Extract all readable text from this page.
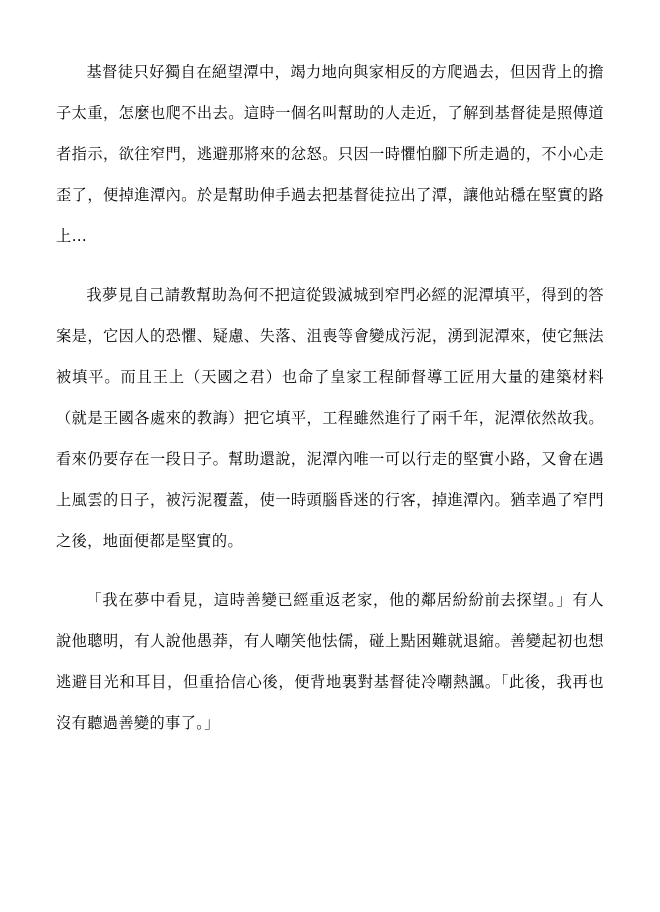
基督徒只好獨自在絕望潭中，竭力地向與家相反的方爬過去，但因背上的擔子太重，怎麼也爬不出去。這時一個名叫幫助的人走近，了解到基督徒是照傳道者指示，欲往窄門，逃避那將來的忿怒。只因一時懼怕腳下所走過的，不小心走歪了，便掉進潭內。於是幫助伸手過去把基督徒拉出了潭，讓他站穩在堅實的路上…

我夢見自己請教幫助為何不把這從毀滅城到窄門必經的泥潭填平，得到的答案是，它因人的恐懼、疑慮、失落、沮喪等會變成污泥，湧到泥潭來，使它無法被填平。而且王上（天國之君）也命了皇家工程師督導工匠用大量的建築材料（就是王國各處來的教誨）把它填平，工程雖然進行了兩千年，泥潭依然故我。看來仍要存在一段日子。幫助還說，泥潭內唯一可以行走的堅實小路，又會在遇上風雲的日子，被污泥覆蓋，使一時頭腦昏迷的行客，掉進潭內。猶幸過了窄門之後，地面便都是堅實的。

「我在夢中看見，這時善變已經重返老家，他的鄰居紛紛前去探望。」有人說他聰明，有人說他愚莽，有人嘲笑他怯儒，碰上點困難就退縮。善變起初也想逃避目光和耳目，但重拾信心後，便背地裏對基督徒冷嘲熱諷。「此後，我再也沒有聽過善變的事了。」
